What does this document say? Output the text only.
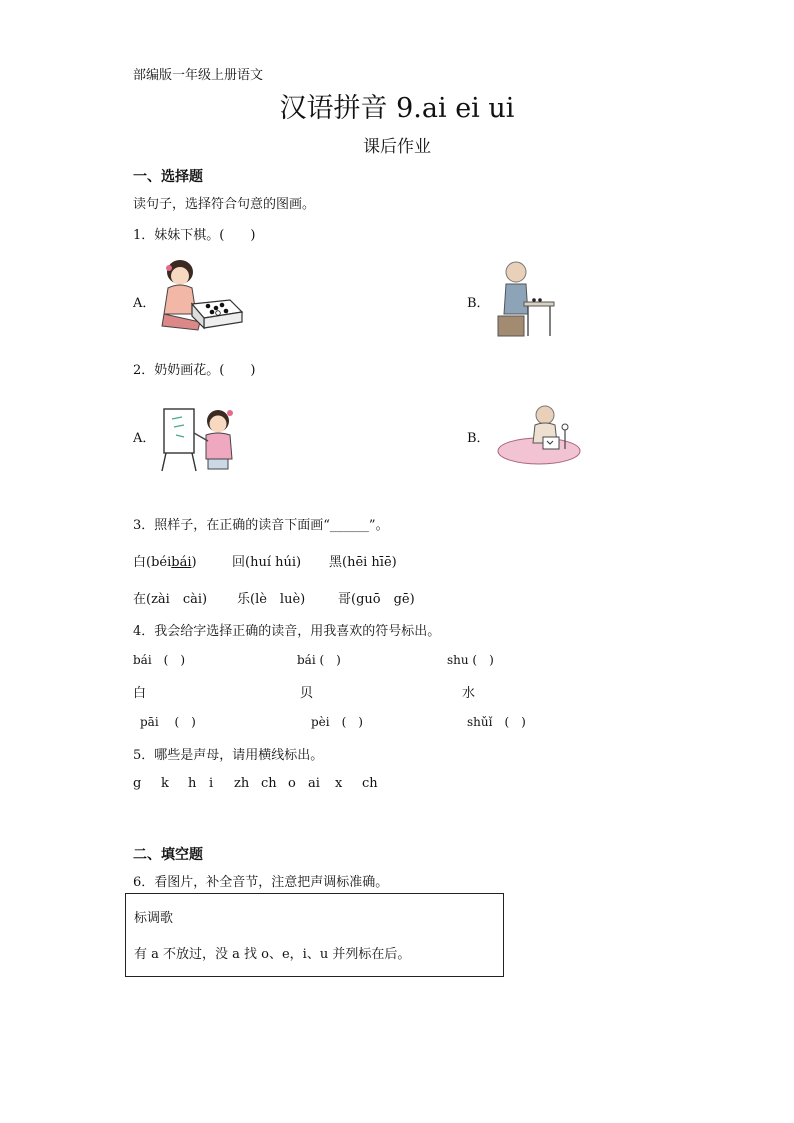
部编版一年级上册语文
汉语拼音 9.ai ei ui
课后作业
一、选择题
读句子，选择符合句意的图画。
1．妹妹下棋。(　　)
A．	B．
2．奶奶画花。(　　)
A．	B．
3．照样子，在正确的读音下面画“______”。
白(béibái)	回(huí húi) 黑(hēi hīē)
在(zài　cài) 乐(lè　luè)	哥(guō　gē)
4．我会给字选择正确的读音，用我喜欢的符号标出。
bái　(　)	bái (　)	shu (　)
白	贝	水
pāi　 (　)	pèi　(　)	shǔǐ　(　)
5．哪些是声母，请用横线标出。
g k h i zh ch o ai x ch
二、填空题
6．看图片，补全音节，注意把声调标准确。
标调歌
有 a 不放过，没 a 找 o、e，i、u 并列标在后。
